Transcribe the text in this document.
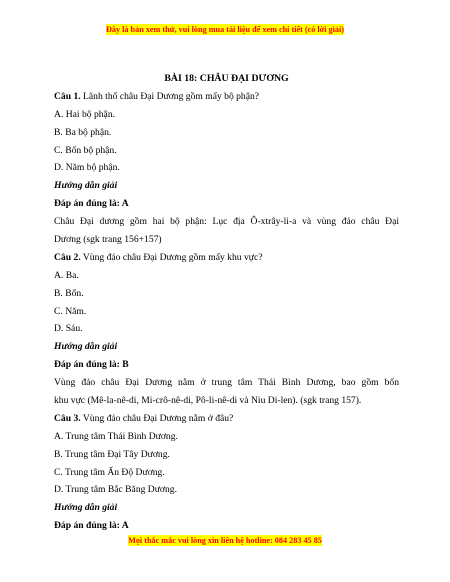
Đây là bản xem thử, vui lòng mua tài liệu để xem chi tiết (có lời giải)
BÀI 18: CHÂU ĐẠI DƯƠNG
Câu 1. Lãnh thổ châu Đại Dương gồm mấy bộ phận?
A. Hai bộ phận.
B. Ba bộ phận.
C. Bốn bộ phận.
D. Năm bộ phận.
Hướng dẫn giải
Đáp án đúng là: A
Châu Đại dương gồm hai bộ phận: Lục địa Ô-xtrây-li-a và vùng đảo châu Đại
Dương (sgk trang 156+157)
Câu 2. Vùng đảo châu Đại Dương gồm mấy khu vực?
A. Ba.
B. Bốn.
C. Năm.
D. Sáu.
Hướng dẫn giải
Đáp án đúng là: B
Vùng đảo châu Đại Dương nằm ở trung tâm Thái Bình Dương, bao gồm bốn
khu vực (Mê-la-nê-di, Mi-crô-nê-di, Pô-li-nê-di và Niu Di-len). (sgk trang 157).
Câu 3. Vùng đảo châu Đại Dương nằm ở đâu?
A. Trung tâm Thái Bình Dương.
B. Trung tâm Đại Tây Dương.
C. Trung tâm Ấn Độ Dương.
D. Trung tâm Bắc Băng Dương.
Hướng dẫn giải
Đáp án đúng là: A
Mọi thắc mắc vui lòng xin liên hệ hotline: 084 283 45 85
